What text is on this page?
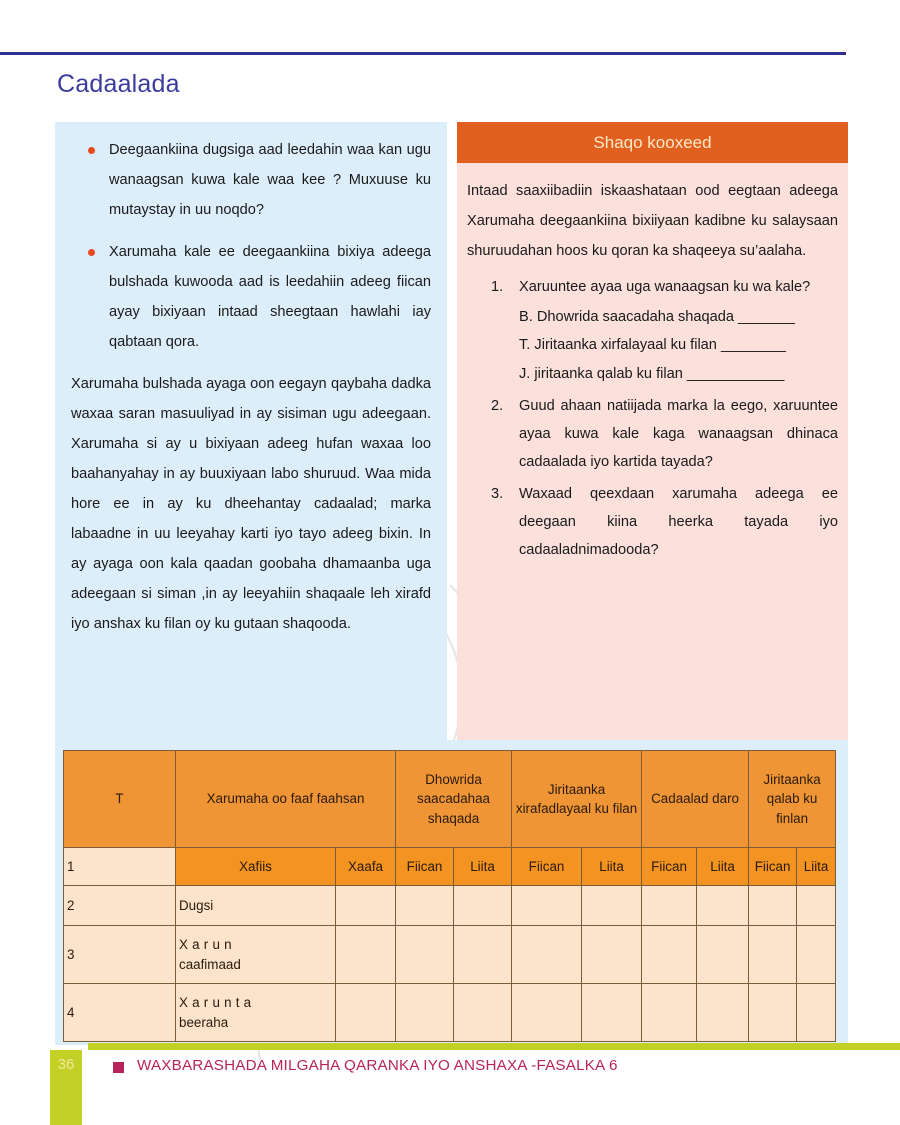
Cadaalada
Deegaankiina dugsiga aad leedahin waa kan ugu wanaagsan kuwa kale waa kee ? Muxuuse ku mutaystay in uu noqdo?
Xarumaha kale ee deegaankiina bixiya adeega bulshada kuwooda aad is leedahiin adeeg fiican ayay bixiyaan intaad sheegtaan hawlahi iay qabtaan qora.

Xarumaha bulshada ayaga oon eegayn qaybaha dadka waxaa saran masuuliyad in ay sisiman ugu adeegaan. Xarumaha si ay u bixiyaan adeeg hufan waxaa loo baahanyahay in ay buuxiyaan labo shuruud. Waa mida hore ee in ay ku dheehantay cadaalad; marka labaadne in uu leeyahay karti iyo tayo adeeg bixin. In ay ayaga oon kala qaadan goobaha dhamaanba uga adeegaan si siman ,in ay leeyahiin shaqaale leh xirafd iyo anshax ku filan oy ku gutaan shaqooda.

Shaqo kooxeed

Intaad saaxiibadiin iskaashataan ood eegtaan adeega Xarumaha deegaankiina bixiiyaan kadibne ku salaysaan shuruudahan hoos ku qoran ka shaqeeya su’aalaha.

1. Xaruuntee ayaa uga wanaagsan ku wa kale?
B. Dhowrida saacadaha shaqada _______
T. Jiritaanka xirfalayaal ku filan ________
J. jiritaanka qalab ku filan ____________
2. Guud ahaan natiijada marka la eego, xaruuntee ayaa kuwa kale kaga wanaagsan dhinaca cadaalada iyo kartida tayada?
3. Waxaad qeexdaan xarumaha adeega ee deegaan kiina heerka tayada iyo cadaaladnimadooda?
T	Xarumaha oo faaf faahsan		Dhowrida saacadahaa shaqada		Jiritaanka xirafadlayaal ku filan		Cadaalad daro		Jiritaanka qalab ku finlan	
1	Xafiis	Xaafa	Fiican	Liita	Fiican	Liita	Fiican	Liita	Fiican	Liita
2	Dugsi									
3	Xarun
caafimaad									
4	Xarunta
beeraha									
36	WAXBARASHADA MILGAHA QARANKA IYO ANSHAXA -FASALKA 6
